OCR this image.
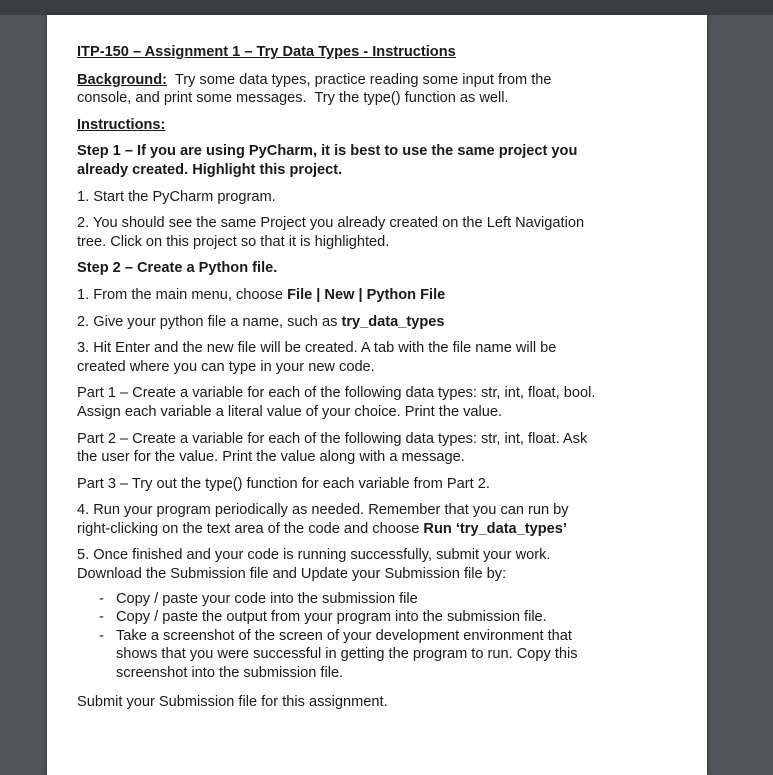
ITP-150 – Assignment 1 – Try Data Types - Instructions

Background:  Try some data types, practice reading some input from the console, and print some messages.  Try the type() function as well.

Instructions:

Step 1 – If you are using PyCharm, it is best to use the same project you already created. Highlight this project.

1. Start the PyCharm program.

2. You should see the same Project you already created on the Left Navigation tree. Click on this project so that it is highlighted.

Step 2 – Create a Python file.

1. From the main menu, choose File | New | Python File

2. Give your python file a name, such as try_data_types

3. Hit Enter and the new file will be created. A tab with the file name will be created where you can type in your new code.

Part 1 – Create a variable for each of the following data types: str, int, float, bool. Assign each variable a literal value of your choice. Print the value.

Part 2 – Create a variable for each of the following data types: str, int, float. Ask the user for the value. Print the value along with a message.

Part 3 – Try out the type() function for each variable from Part 2.

4. Run your program periodically as needed. Remember that you can run by right-clicking on the text area of the code and choose Run ‘try_data_types’

5. Once finished and your code is running successfully, submit your work. Download the Submission file and Update your Submission file by:

- Copy / paste your code into the submission file
- Copy / paste the output from your program into the submission file.
- Take a screenshot of the screen of your development environment that shows that you were successful in getting the program to run. Copy this screenshot into the submission file.

Submit your Submission file for this assignment.
